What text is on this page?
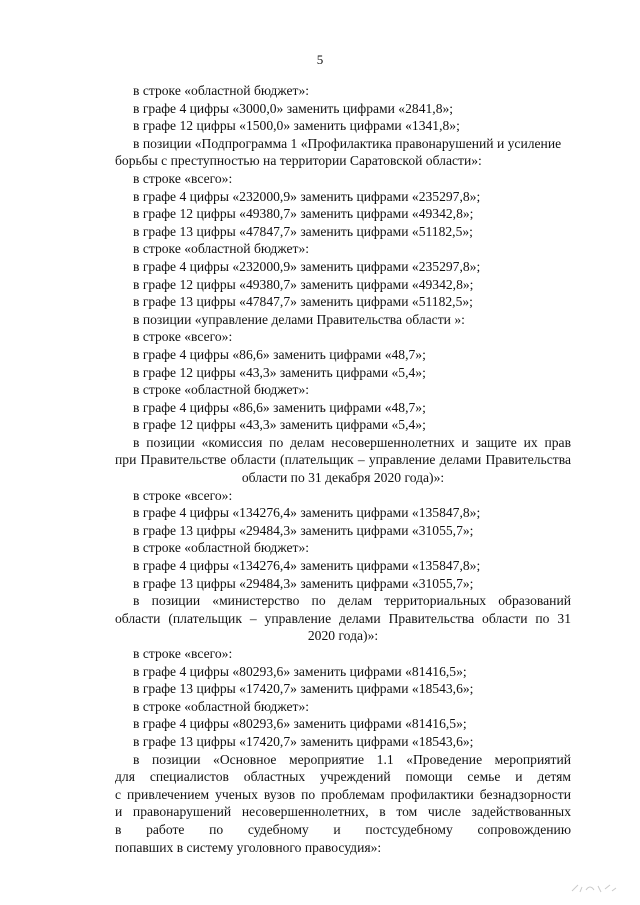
5
в строке «областной бюджет»:
в графе 4 цифры «3000,0» заменить цифрами «2841,8»;
в графе 12 цифры «1500,0» заменить цифрами «1341,8»;
в позиции «Подпрограмма 1 «Профилактика правонарушений и усиление
борьбы с преступностью на территории Саратовской области»:
в строке «всего»:
в графе 4 цифры «232000,9» заменить цифрами «235297,8»;
в графе 12 цифры «49380,7» заменить цифрами «49342,8»;
в графе 13 цифры «47847,7» заменить цифрами «51182,5»;
в строке «областной бюджет»:
в графе 4 цифры «232000,9» заменить цифрами «235297,8»;
в графе 12 цифры «49380,7» заменить цифрами «49342,8»;
в графе 13 цифры «47847,7» заменить цифрами «51182,5»;
в позиции «управление делами Правительства области »:
в строке «всего»:
в графе 4 цифры «86,6» заменить цифрами «48,7»;
в графе 12 цифры «43,3» заменить цифрами «5,4»;
в строке «областной бюджет»:
в графе 4 цифры «86,6» заменить цифрами «48,7»;
в графе 12 цифры «43,3» заменить цифрами «5,4»;
в позиции «комиссия по делам несовершеннолетних и защите их прав
при Правительстве области (плательщик – управление делами Правительства
области по 31 декабря 2020 года)»:
в строке «всего»:
в графе 4 цифры «134276,4» заменить цифрами «135847,8»;
в графе 13 цифры «29484,3» заменить цифрами «31055,7»;
в строке «областной бюджет»:
в графе 4 цифры «134276,4» заменить цифрами «135847,8»;
в графе 13 цифры «29484,3» заменить цифрами «31055,7»;
в позиции «министерство по делам территориальных образований
области (плательщик – управление делами Правительства области по 31
2020 года)»:
в строке «всего»:
в графе 4 цифры «80293,6» заменить цифрами «81416,5»;
в графе 13 цифры «17420,7» заменить цифрами «18543,6»;
в строке «областной бюджет»:
в графе 4 цифры «80293,6» заменить цифрами «81416,5»;
в графе 13 цифры «17420,7» заменить цифрами «18543,6»;
в позиции «Основное мероприятие 1.1 «Проведение мероприятий
для специалистов областных учреждений помощи семье и детям
с привлечением ученых вузов по проблемам профилактики безнадзорности
и правонарушений несовершеннолетних, в том числе задействованных
в работе по судебному и постсудебному сопровождению
попавших в систему уголовного правосудия»:
